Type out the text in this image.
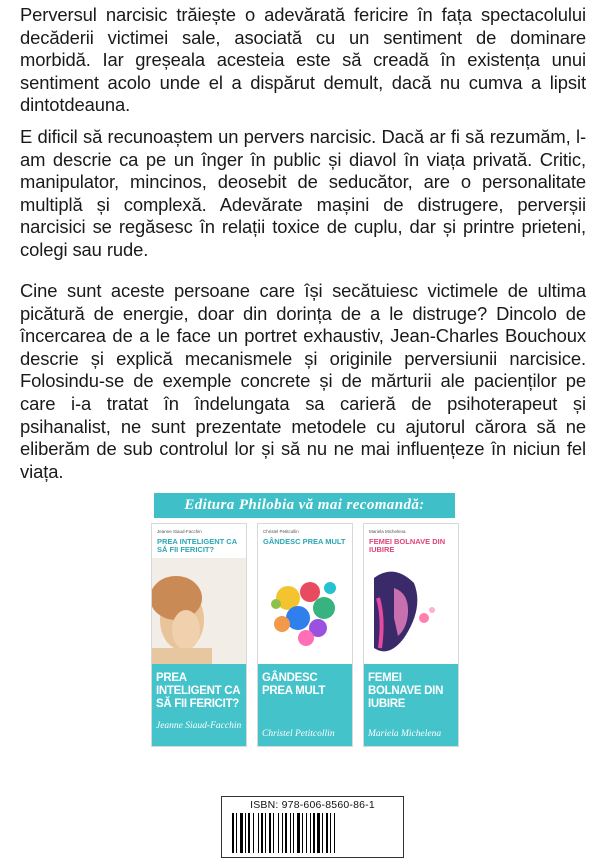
Perversul narcisic trăiește o adevărată fericire în fața spectacolului decăderii victimei sale, asociată cu un sentiment de dominare morbidă. Iar greșeala acesteia este să creadă în existența unui sentiment acolo unde el a dispărut demult, dacă nu cumva a lipsit dintotdeauna.

E dificil să recunoaștem un pervers narcisic. Dacă ar fi să rezumăm, l-am descrie ca pe un înger în public și diavol în viața privată. Critic, manipulator, mincinos, deosebit de seducător, are o personalitate multiplă și complexă. Adevărate mașini de distrugere, perverșii narcisici se regăsesc în relații toxice de cuplu, dar și printre prieteni, colegi sau rude.

Cine sunt aceste persoane care își secătuiesc victimele de ultima picătură de energie, doar din dorința de a le distruge? Dincolo de încercarea de a le face un portret exhaustiv, Jean-Charles Bouchoux descrie și explică mecanismele și originile perversiunii narcisice. Folosindu-se de exemple concrete și de mărturii ale pacienților pe care i-a tratat în îndelungata sa carieră de psihoterapeut și psihanalist, ne sunt prezentate metodele cu ajutorul cărora să ne eliberăm de sub controlul lor și să nu ne mai influențeze în niciun fel viața.

Editura Philobia vă mai recomandă:
Jeanne Siaud-Facchin
PREA INTELIGENT CA SĂ FII FERICIT?
PREA INTELIGENT CA SĂ FII FERICIT?
Jeanne Siaud-Facchin
Christel Petitcollin
GÂNDESC PREA MULT
GÂNDESC PREA MULT
Christel Petitcollin
Mariela Michelena
FEMEI BOLNAVE DIN IUBIRE
FEMEI BOLNAVE DIN IUBIRE
Mariela Michelena
ISBN: 978-606-8560-86-1
